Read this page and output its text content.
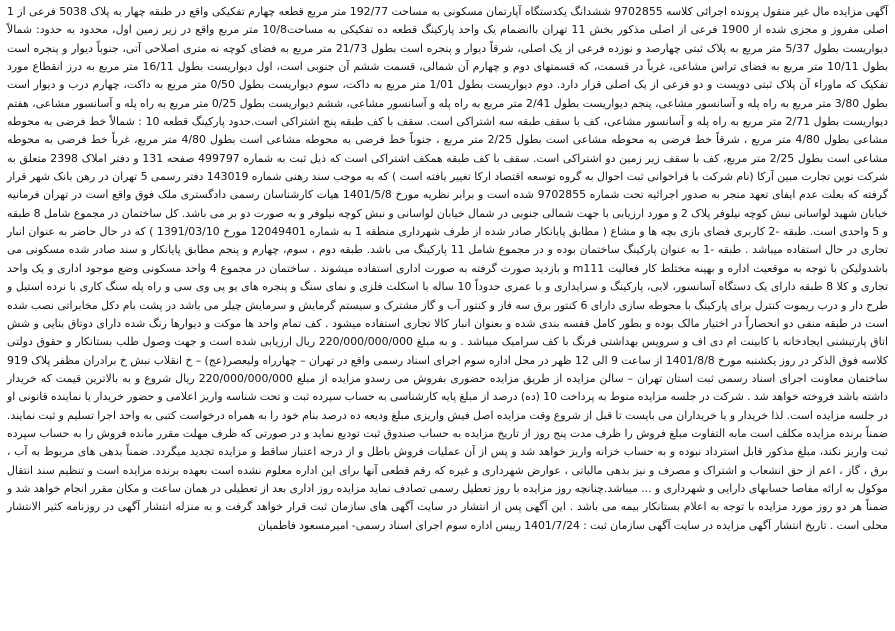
آگهی مزایده مال غیر منقول پرونده اجرائی کلاسه 9702855 ششدانگ یکدستگاه آپارتمان مسکونی به مساحت 192/77 متر مربع قطعه چهارم تفکیکی واقع در طبقه چهار به پلاک 5038 فرعی از 1 اصلی مفروز و مجزی شده از 1900 فرعی از اصلی مذکور بخش 11 تهران باانضمام یک واحد پارکینگ قطعه ده تفکیکی به مساحت10/8 متر مربع واقع در زیر زمین اول، محدود به حدود: شمالاً دیواریست بطول 5/37 متر مربع به پلاک ثبتی چهارصد و نوزده فرعی از یک اصلی، شرقاً دیوار و پنجره است بطول 21/73 متر مربع به فضای کوچه نه متری اصلاحی آتی، جنوباً دیوار و پنجره است بطول 10/11 متر مربع به فضای تراس مشاعی، غرباً در قسمت، که قسمتهای دوم و چهارم آن شمالی، قسمت ششم آن جنوبی است، اول دیواریست بطول 16/11 متر مربع به درز انقطاع مورد تفکیک که ماوراء آن پلاک ثبتی دویست و دو فرعی از یک اصلی قرار دارد. دوم دیواریست بطول 1/01 متر مربع به داکت، سوم دیواریست بطول 0/50 متر مربع به داکت، چهارم درب و دیوار است بطول 3/80 متر مربع به راه پله و آسانسور مشاعی، پنجم دیواریست بطول 2/41 متر مربع به راه پله و آسانسور مشاعی، ششم دیواریست بطول 0/25 متر مربع به راه پله و آسانسور مشاعی، هفتم دیواریست بطول 2/71 متر مربع به راه پله و آسانسور مشاعی، کف با سقف طبقه سه اشتراکی است. سقف با کف طبقه پنج اشتراکی است.حدود پارکینگ قطعه 10 : شمالاً خط فرضی به محوطه مشاعی بطول 4/80 متر مربع ، شرقاً خط فرضی به محوطه مشاعی است بطول 2/25 متر مربع ، جنوباً خط فرضی به محوطه مشاعی است بطول 4/80 متر مربع، غرباً خط فرضی به محوطه مشاعی است بطول 2/25 متر مربع، کف با سقف زیر زمین دو اشتراکی است. سقف با کف طبقه همکف اشتراکی است که ذیل ثبت به شماره 499797 صفحه 131 و دفتر املاک 2398 متعلق به شرکت نوین تجارت مبین آرکا (نام شرکت با فراخوانی ثبت احوال به گروه توسعه اقتصاد ارکا تغییر یافته است ) که به موجب سند رهنی شماره 143019 دفتر رسمی 5 تهران در رهن بانک شهر قرار گرفته که بعلت عدم ایفای تعهد منجر به صدور اجرائیه تحت شماره 9702855 شده است و برابر نظریه مورخ 1401/5/8 هیات کارشناسان رسمی دادگستری ملک فوق واقع است در تهران فرمانیه خیابان شهید لواسانی نبش کوچه نیلوفر پلاک 2 و مورد ارزیابی با جهت شمالی جنوبی در شمال خیابان لواسانی و نبش کوچه نیلوفر و به صورت دو بر می باشد. کل ساختمان در مجموع شامل 8 طبقه و 5 واحدی است. طبقه -2 کاربری فضای بازی بچه ها و مشاع ( مطابق پایانکار صادر شده از طرف شهرداری منطقه 1 به شماره 12049401 مورخ 1391/03/10 ) که در حال حاضر به عنوان انبار تجاری در حال استفاده میباشد . طبقه -1 به عنوان پارکینگ ساختمان بوده و در مجموع شامل 11 پارکینگ می باشد. طبقه دوم ، سوم، چهارم و پنجم مطابق پایانکار و سند صادر شده مسکونی می باشدولیکن با توجه به موقعیت اداره و بهینه مختلط کار فعالیت m111 و بازدید صورت گرفته به صورت اداری استفاده میشوند . ساختمان در مجموع 4 واحد مسکونی وضع موجود اداری و یک واحد تجاری و کلا 8 طبقه دارای یک دستگاه آسانسور، لابی، پارکینگ و سرایداری و با عمری حدوداً 10 ساله با اسکلت فلزی و نمای سنگ و پنجره های یو پی وی سی و راه پله سنگ کاری با نرده استیل و طرح دار و درب ریموت کنترل برای پارکینگ با محوطه سازی دارای 6 کنتور برق سه فاز و کنتور آب و گاز مشترک و سیستم گرمایش و سرمایش چیلر می باشد در پشت بام دکل مخابراتی نصب شده است در طبقه منفی دو انحصاراً در اختیار مالک بوده و بطور کامل قفسه بندی شده و بعنوان انبار کالا تجاری استفاده میشود . کف تمام واحد ها موکت و دیوارها رنگ شده دارای دوتاق بنایی و شش اتاق پارتیشنی ایجادخانه با کابینت ام دی اف و سرویس بهداشتی فرنگ با کف سرامیک میباشد . و به مبلغ 220/000/000/000 ریال ارزیابی شده است و جهت وصول طلب بستانکار و حقوق دولتی کلاسه فوق الذکر در روز یکشنبه مورخ 1401/8/8 از ساعت 9 الی 12 ظهر در محل اداره سوم اجرای اسناد رسمی واقع در تهران – چهارراه ولیعصر(عج) – خ انقلاب نبش خ برادران مظفر پلاک 919 ساختمان معاونت اجرای اسناد رسمی ثبت استان تهران – سالن مزایده از طریق مزایده حضوری بفروش می رسدو مزایده از مبلغ 220/000/000/000 ریال شروع و به بالاترین قیمت که خریدار داشته باشد فروخته خواهد شد . شرکت در جلسه مزایده منوط به پرداخت 10 (ده) درصد از مبلغ پایه کارشناسی به حساب سپرده ثبت و تحت شناسه واریز اعلامی و حضور خریدار یا نماینده قانونی او در جلسه مزایده است. لذا خریدار و یا خریداران می بایست تا قبل از شروع وقت مزایده اصل فیش واریزی مبلغ ودیعه ده درصد بنام خود را به همراه درخواست کتبی به واحد اجرا تسلیم و ثبت نمایند. ضمناً برنده مزایده مکلف است مابه التفاوت مبلغ فروش را ظرف مدت پنج روز از تاریخ مزایده به حساب صندوق ثبت تودیع نماید و در صورتی که ظرف مهلت مقرر مانده فروش را به حساب سپرده ثبت واریز نکند، مبلغ مذکور قابل استرداد نبوده و به حساب خزانه واریز خواهد شد و پس از آن عملیات فروش باطل و از درجه اعتبار ساقط و مزایده تجدید میگردد. ضمناً بدهی های مربوط به آب ، برق ، گاز ، اعم از حق انشعاب و اشتراک و مصرف و نیز بدهی مالیاتی ، عوارض شهرداری و غیره که رقم قطعی آنها برای این اداره معلوم نشده است بعهده برنده مزایده است و تنظیم سند انتقال موکول به ارائه مفاصا حسابهای دارایی و شهرداری و ... میباشد.چنانچه روز مزایده با روز تعطیل رسمی تصادف نماید مزایده روز اداری بعد از تعطیلی در همان ساعت و مکان مقرر انجام خواهد شد و ضمناً هر دو روز مورد مزایده با توجه به اعلام بستانکار بیمه می باشد . این آگهی پس از انتشار در سایت آگهی های سازمان ثبت قرار خواهد گرفت و به منزله انتشار آگهی در روزنامه کثیر الانتشار محلی است . تاریخ انتشار آگهی مزایده در سایت آگهی سازمان ثبت : 1401/7/24 رییس اداره سوم اجرای اسناد رسمی- امیرمسعود فاطمیان
